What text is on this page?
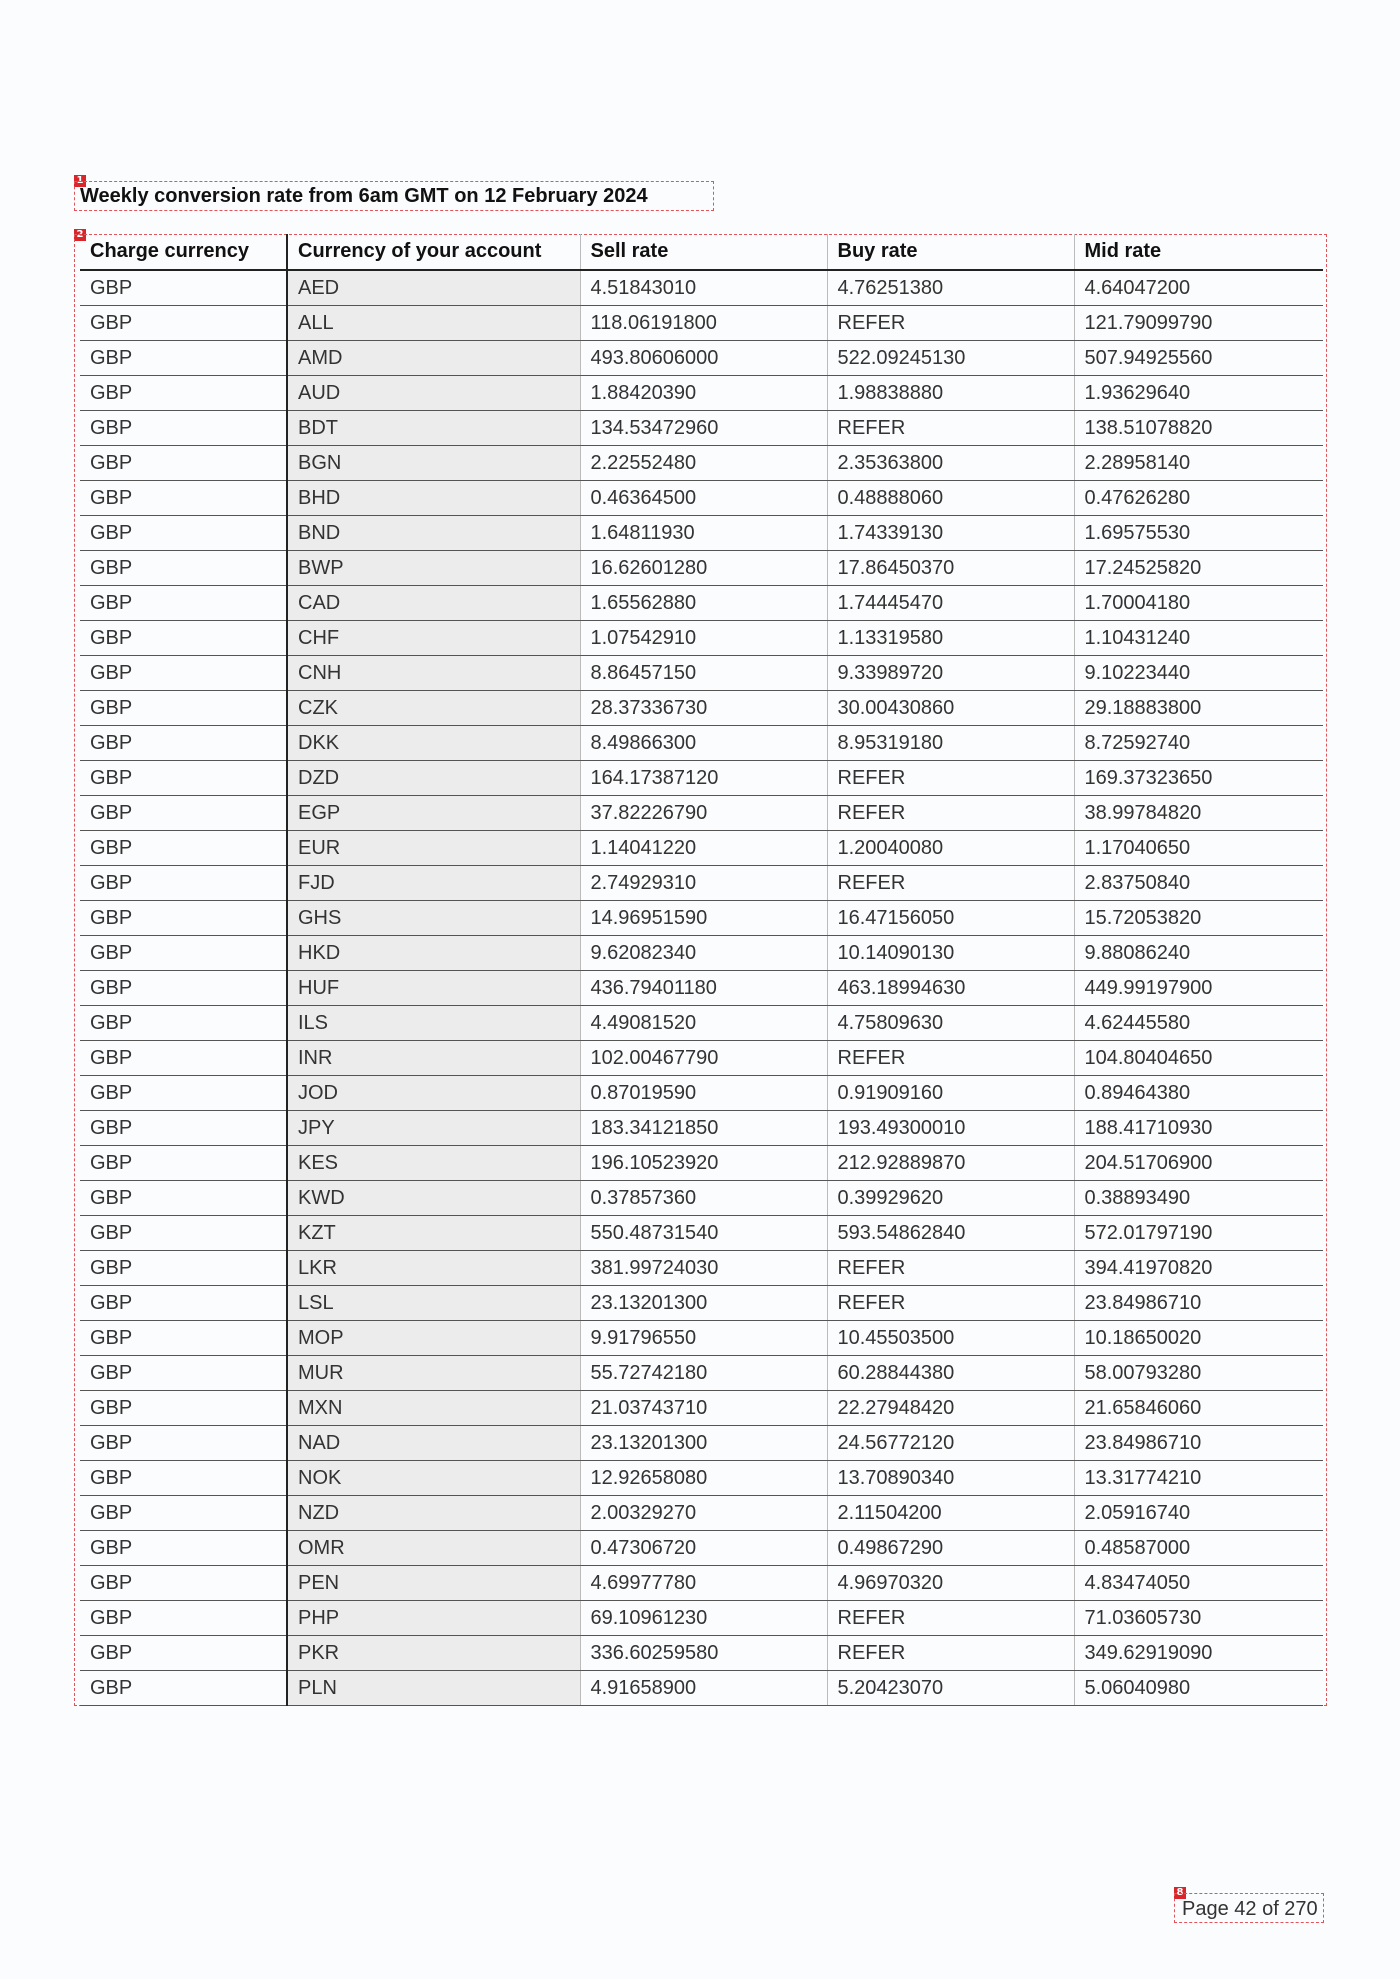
1
Weekly conversion rate from 6am GMT on 12 February 2024
2
Charge currency	Currency of your account	Sell rate	Buy rate	Mid rate
GBP	AED	4.51843010	4.76251380	4.64047200
GBP	ALL	118.06191800	REFER	121.79099790
GBP	AMD	493.80606000	522.09245130	507.94925560
GBP	AUD	1.88420390	1.98838880	1.93629640
GBP	BDT	134.53472960	REFER	138.51078820
GBP	BGN	2.22552480	2.35363800	2.28958140
GBP	BHD	0.46364500	0.48888060	0.47626280
GBP	BND	1.64811930	1.74339130	1.69575530
GBP	BWP	16.62601280	17.86450370	17.24525820
GBP	CAD	1.65562880	1.74445470	1.70004180
GBP	CHF	1.07542910	1.13319580	1.10431240
GBP	CNH	8.86457150	9.33989720	9.10223440
GBP	CZK	28.37336730	30.00430860	29.18883800
GBP	DKK	8.49866300	8.95319180	8.72592740
GBP	DZD	164.17387120	REFER	169.37323650
GBP	EGP	37.82226790	REFER	38.99784820
GBP	EUR	1.14041220	1.20040080	1.17040650
GBP	FJD	2.74929310	REFER	2.83750840
GBP	GHS	14.96951590	16.47156050	15.72053820
GBP	HKD	9.62082340	10.14090130	9.88086240
GBP	HUF	436.79401180	463.18994630	449.99197900
GBP	ILS	4.49081520	4.75809630	4.62445580
GBP	INR	102.00467790	REFER	104.80404650
GBP	JOD	0.87019590	0.91909160	0.89464380
GBP	JPY	183.34121850	193.49300010	188.41710930
GBP	KES	196.10523920	212.92889870	204.51706900
GBP	KWD	0.37857360	0.39929620	0.38893490
GBP	KZT	550.48731540	593.54862840	572.01797190
GBP	LKR	381.99724030	REFER	394.41970820
GBP	LSL	23.13201300	REFER	23.84986710
GBP	MOP	9.91796550	10.45503500	10.18650020
GBP	MUR	55.72742180	60.28844380	58.00793280
GBP	MXN	21.03743710	22.27948420	21.65846060
GBP	NAD	23.13201300	24.56772120	23.84986710
GBP	NOK	12.92658080	13.70890340	13.31774210
GBP	NZD	2.00329270	2.11504200	2.05916740
GBP	OMR	0.47306720	0.49867290	0.48587000
GBP	PEN	4.69977780	4.96970320	4.83474050
GBP	PHP	69.10961230	REFER	71.03605730
GBP	PKR	336.60259580	REFER	349.62919090
GBP	PLN	4.91658900	5.20423070	5.06040980
8
Page 42 of 270
